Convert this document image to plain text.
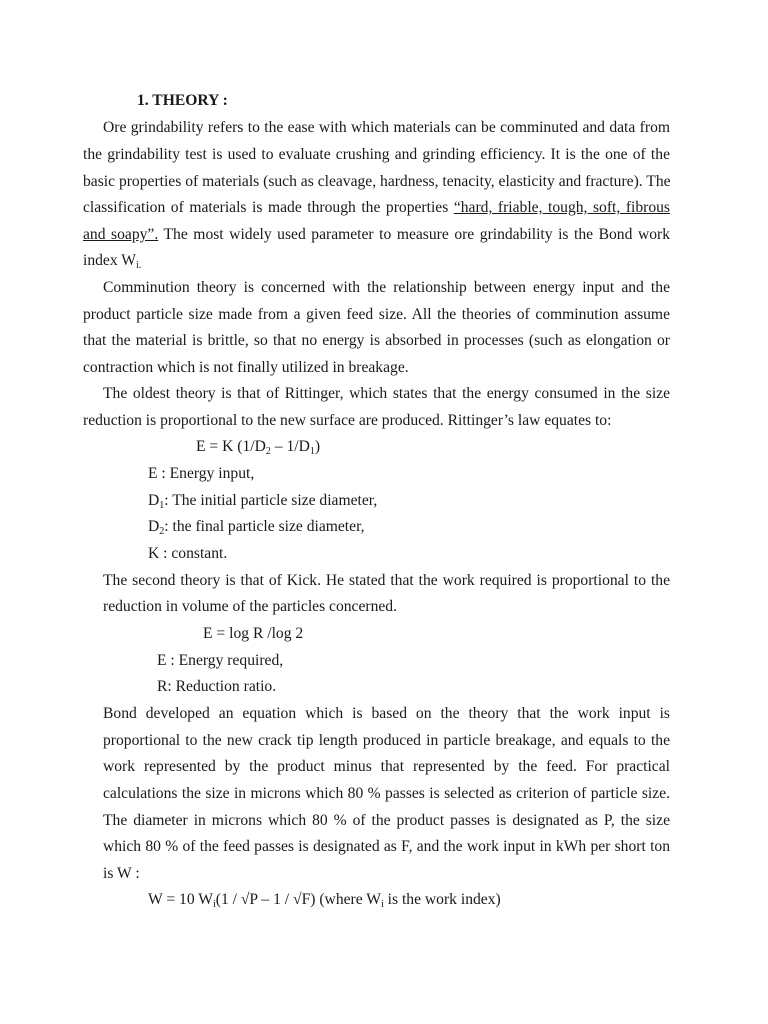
1. THEORY :
Ore grindability refers to the ease with which materials can be comminuted and data from
the grindability test is used to evaluate crushing and grinding efficiency. It is the one of the
basic properties of materials (such as cleavage, hardness, tenacity, elasticity and fracture). The
classification of materials is made through the properties “hard, friable, tough, soft, fibrous
and soapy”. The most widely used parameter to measure ore grindability is the Bond work
index $W_{i.}$
Comminution theory is concerned with the relationship between energy input and the
product particle size made from a given feed size. All the theories of comminution assume
that the material is brittle, so that no energy is absorbed in processes (such as elongation or
contraction which is not finally utilized in breakage.
The oldest theory is that of Rittinger, which states that the energy consumed in the size
reduction is proportional to the new surface are produced. Rittinger’s law equates to:
E = K $(1/D_2 - 1/D_1)$
E : Energy input,
$D_1$: The initial particle size diameter,
$D_2$: the final particle size diameter,
K : constant.
The second theory is that of Kick. He stated that the work required is proportional to the
reduction in volume of the particles concerned.
E = log R /log 2
E : Energy required,
R: Reduction ratio.
Bond developed an equation which is based on the theory that the work input is
proportional to the new crack tip length produced in particle breakage, and equals to the
work represented by the product minus that represented by the feed. For practical
calculations the size in microns which 80 % passes is selected as criterion of particle size.
The diameter in microns which 80 % of the product passes is designated as P, the size
which 80 % of the feed passes is designated as F, and the work input in kWh per short ton
is W :
W = 10 $W_i(1 / √P - 1 / √F)$ (where $W_i$ is the work index)
